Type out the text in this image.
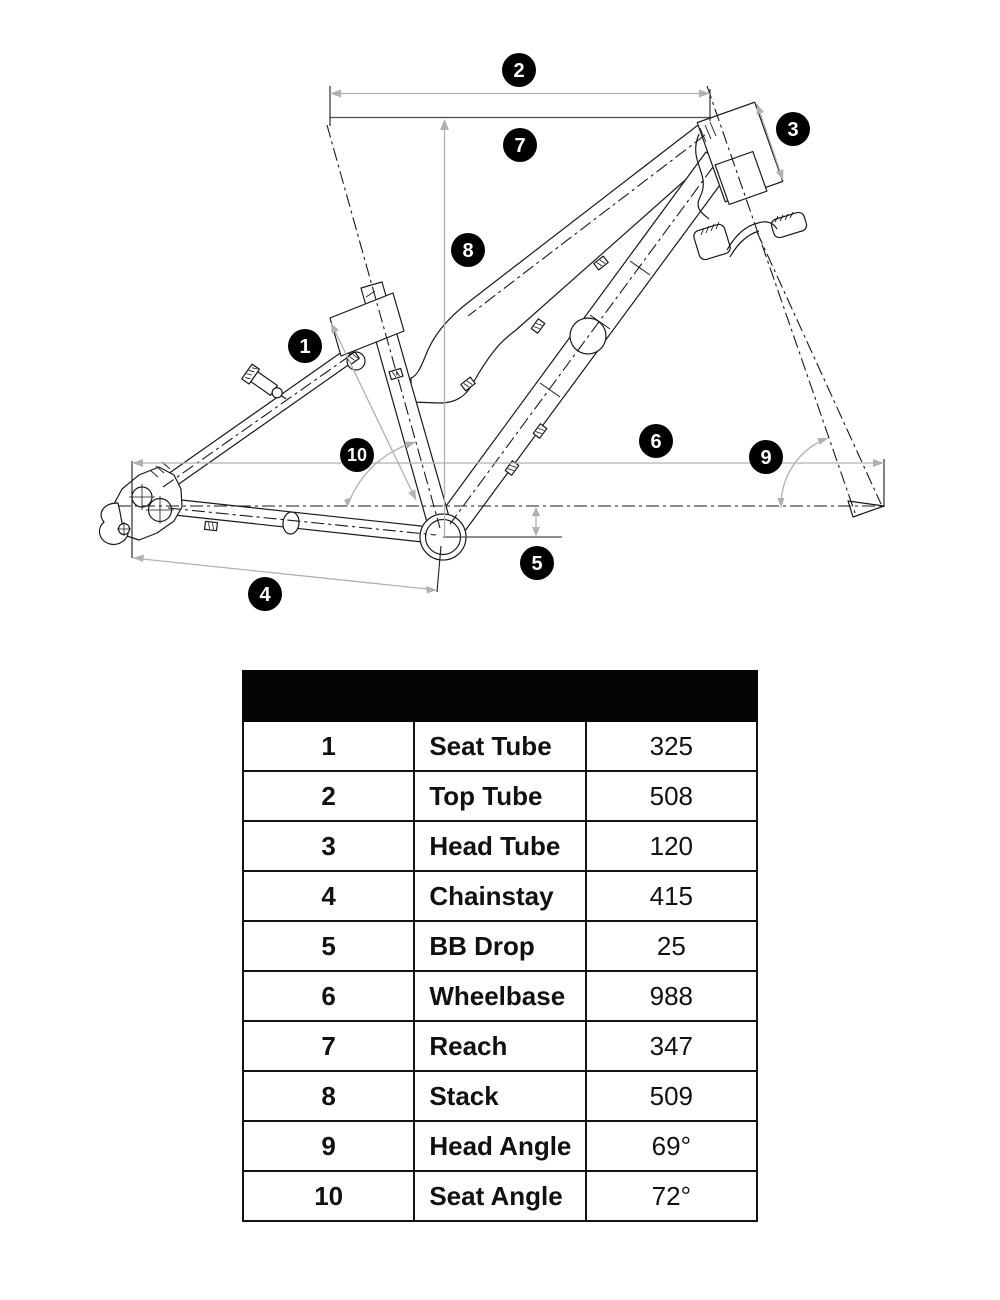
1
2
3
4
5
6
7
8
9
10

1	Seat Tube	325
2	Top Tube	508
3	Head Tube	120
4	Chainstay	415
5	BB Drop	25
6	Wheelbase	988
7	Reach	347
8	Stack	509
9	Head Angle	69°
10	Seat Angle	72°
